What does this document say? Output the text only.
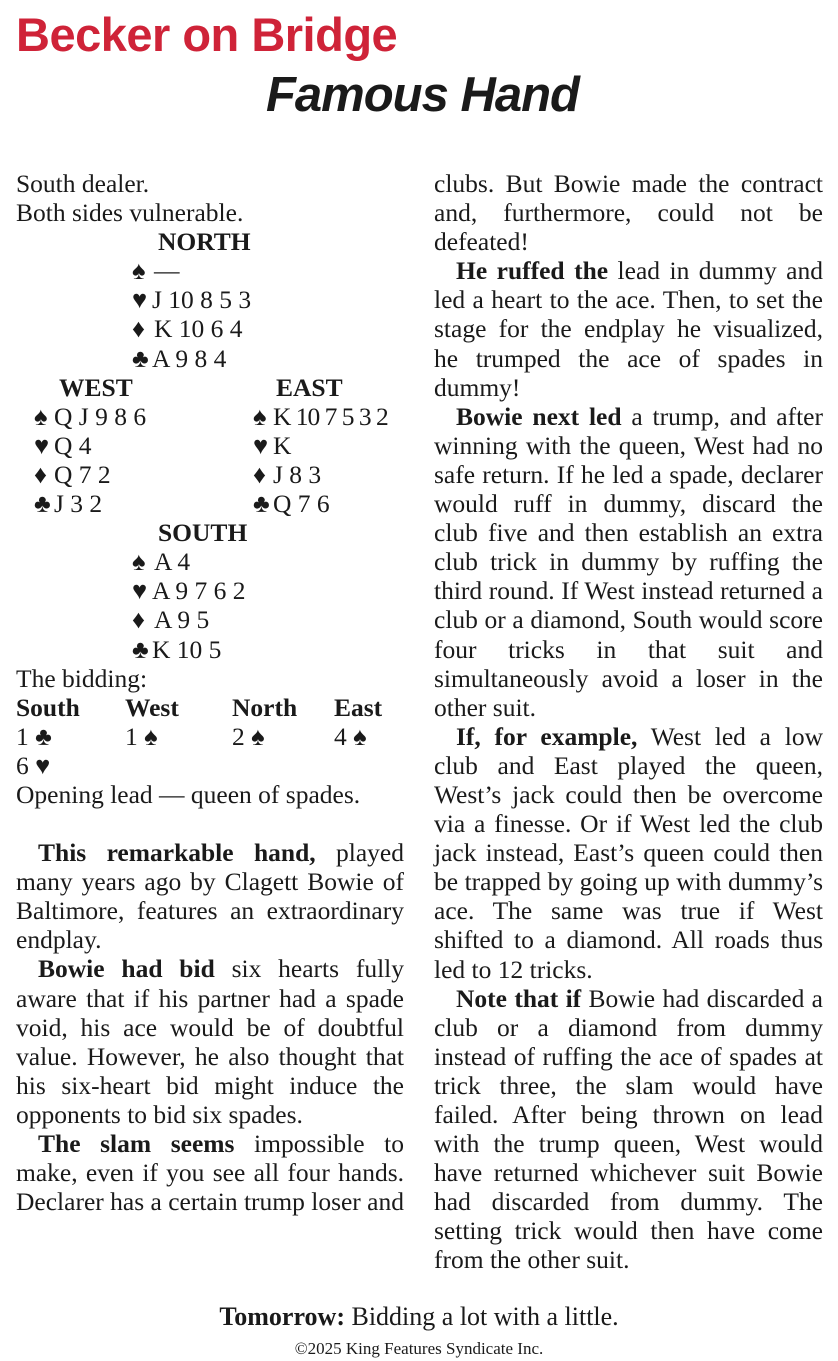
Becker on Bridge
Famous Hand
South dealer.
Both sides vulnerable.
NORTH
♠ —
♥ J 10 8 5 3
♦ K 10 6 4
♣ A 9 8 4
WEST	EAST
♠ Q J 9 8 6	♠ K 10 7 5 3 2
♥ Q 4	♥ K
♦ Q 7 2	♦ J 8 3
♣ J 3 2	♣ Q 7 6
SOUTH
♠ A 4
♥ A 9 7 6 2
♦ A 9 5
♣ K 10 5
The bidding:
South West North East
1 ♣	1 ♠	2 ♠	4 ♠
6 ♥
Opening lead — queen of spades.

This remarkable hand, played many years ago by Clagett Bowie of Baltimore, features an extraordinary endplay.

Bowie had bid six hearts fully aware that if his partner had a spade void, his ace would be of doubtful value. However, he also thought that his six-heart bid might induce the opponents to bid six spades.

The slam seems impossible to make, even if you see all four hands. Declarer has a certain trump loser and

clubs. But Bowie made the contract and, furthermore, could not be defeated!

He ruffed the lead in dummy and led a heart to the ace. Then, to set the stage for the endplay he visualized, he trumped the ace of spades in dummy!

Bowie next led a trump, and after winning with the queen, West had no safe return. If he led a spade, declarer would ruff in dummy, discard the club five and then establish an extra club trick in dummy by ruffing the third round. If West instead returned a club or a diamond, South would score four tricks in that suit and simultaneously avoid a loser in the other suit.

If, for example, West led a low club and East played the queen, West’s jack could then be overcome via a finesse. Or if West led the club jack instead, East’s queen could then be trapped by going up with dummy’s ace. The same was true if West shifted to a diamond. All roads thus led to 12 tricks.

Note that if Bowie had discarded a club or a diamond from dummy instead of ruffing the ace of spades at trick three, the slam would have failed. After being thrown on lead with the trump queen, West would have returned whichever suit Bowie had discarded from dummy. The setting trick would then have come from the other suit.

Tomorrow: Bidding a lot with a little.
©2025 King Features Syndicate Inc.
